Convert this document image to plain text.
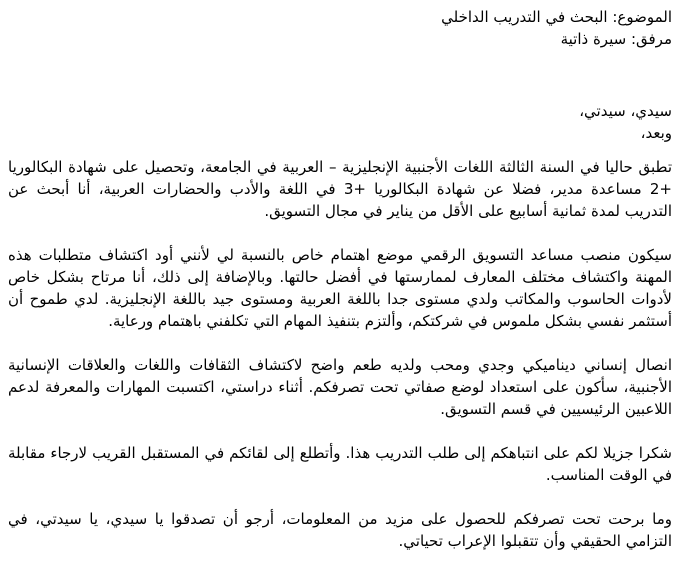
الموضوع: البحث في التدريب الداخلي
مرفق: سيرة ذاتية
سيدي، سيدتي،
وبعد،

تطبق حاليا في السنة الثالثة اللغات الأجنبية الإنجليزية – العربية في الجامعة، وتحصيل على شهادة البكالوريا +2 مساعدة مدير، فضلا عن شهادة البكالوريا +3 في اللغة والأدب والحضارات العربية، أنا أبحث عن التدريب لمدة ثمانية أسابيع على الأقل من يناير في مجال التسويق.

سيكون منصب مساعد التسويق الرقمي موضع اهتمام خاص بالنسبة لي لأنني أود اكتشاف متطلبات هذه المهنة واكتشاف مختلف المعارف لممارستها في أفضل حالتها. وبالإضافة إلى ذلك، أنا مرتاح بشكل خاص لأدوات الحاسوب والمكاتب ولدي مستوى جدا باللغة العربية ومستوى جيد باللغة الإنجليزية. لدي طموح أن أستثمر نفسي بشكل ملموس في شركتكم، وألتزم بتنفيذ المهام التي تكلفني باهتمام ورعاية.

انصال إنساني ديناميكي وجدي ومحب ولديه طعم واضح لاكتشاف الثقافات واللغات والعلاقات الإنسانية الأجنبية، سأكون على استعداد لوضع صفاتي تحت تصرفكم. أثناء دراستي، اكتسبت المهارات والمعرفة لدعم اللاعبين الرئيسيين في قسم التسويق.

شكرا جزيلا لكم على انتباهكم إلى طلب التدريب هذا. وأتطلع إلى لقائكم في المستقبل القريب لارجاء مقابلة في الوقت المناسب.

وما برحت تحت تصرفكم للحصول على مزيد من المعلومات، أرجو أن تصدقوا يا سيدي، يا سيدتي، في التزامي الحقيقي وأن تتقبلوا الإعراب تحياتي.
